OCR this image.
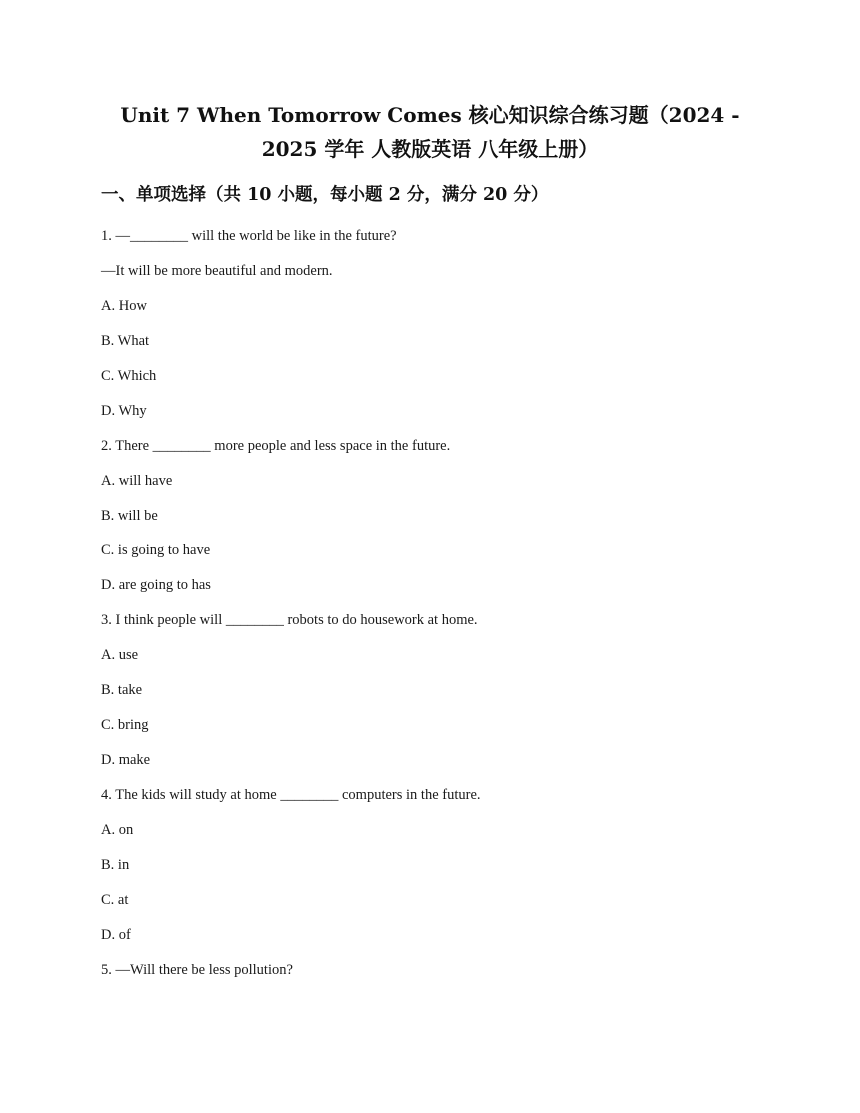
Unit 7 When Tomorrow Comes 核心知识综合练习题（2024 - 2025 学年 人教版英语 八年级上册）
一、单项选择（共 10 小题，每小题 2 分，满分 20 分）
1. —________ will the world be like in the future?
—It will be more beautiful and modern.
A. How
B. What
C. Which
D. Why
2. There ________ more people and less space in the future.
A. will have
B. will be
C. is going to have
D. are going to has
3. I think people will ________ robots to do housework at home.
A. use
B. take
C. bring
D. make
4. The kids will study at home ________ computers in the future.
A. on
B. in
C. at
D. of
5. —Will there be less pollution?
